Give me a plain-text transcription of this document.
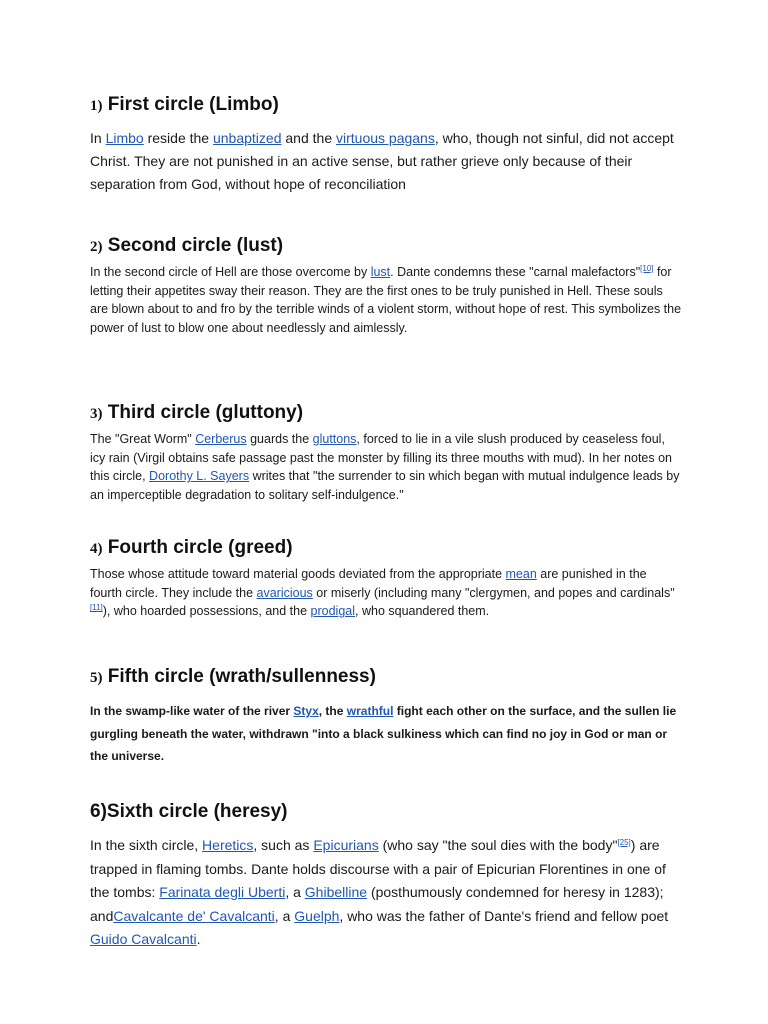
1) First circle (Limbo)

In Limbo reside the unbaptized and the virtuous pagans, who, though not sinful, did not accept Christ. They are not punished in an active sense, but rather grieve only because of their separation from God, without hope of reconciliation

2) Second circle (lust)

In the second circle of Hell are those overcome by lust. Dante condemns these "carnal malefactors"[10] for letting their appetites sway their reason. They are the first ones to be truly punished in Hell. These souls are blown about to and fro by the terrible winds of a violent storm, without hope of rest. This symbolizes the power of lust to blow one about needlessly and aimlessly.

3) Third circle (gluttony)

The "Great Worm" Cerberus guards the gluttons, forced to lie in a vile slush produced by ceaseless foul, icy rain (Virgil obtains safe passage past the monster by filling its three mouths with mud). In her notes on this circle, Dorothy L. Sayers writes that "the surrender to sin which began with mutual indulgence leads by an imperceptible degradation to solitary self-indulgence."

4) Fourth circle (greed)

Those whose attitude toward material goods deviated from the appropriate mean are punished in the fourth circle. They include the avaricious or miserly (including many "clergymen, and popes and cardinals"[11]), who hoarded possessions, and the prodigal, who squandered them.

5) Fifth circle (wrath/sullenness)

In the swamp-like water of the river Styx, the wrathful fight each other on the surface, and the sullen lie gurgling beneath the water, withdrawn "into a black sulkiness which can find no joy in God or man or the universe.

6)Sixth circle (heresy)

In the sixth circle, Heretics, such as Epicurians (who say "the soul dies with the body"[25]) are trapped in flaming tombs. Dante holds discourse with a pair of Epicurian Florentines in one of the tombs: Farinata degli Uberti, a Ghibelline (posthumously condemned for heresy in 1283); andCavalcante de' Cavalcanti, a Guelph, who was the father of Dante's friend and fellow poet Guido Cavalcanti.
